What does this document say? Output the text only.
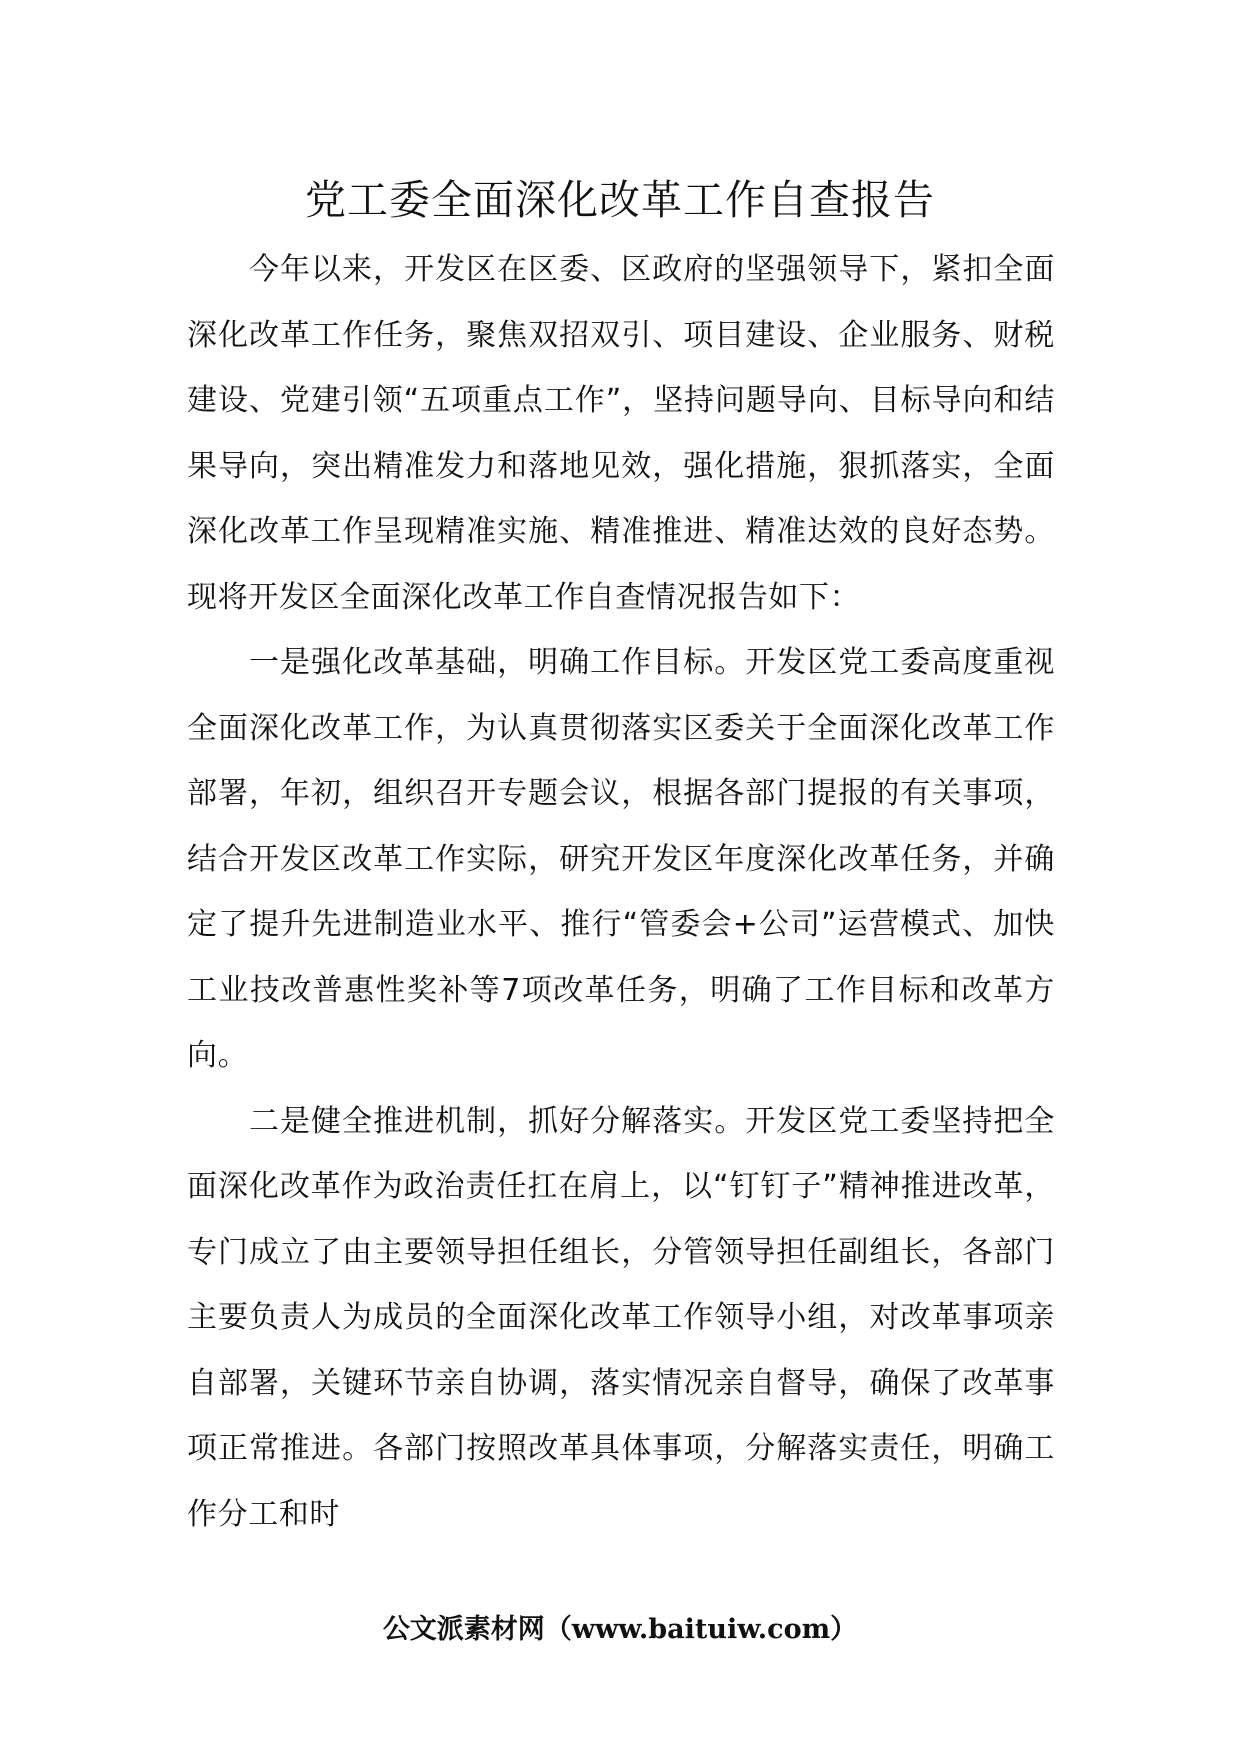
党工委全面深化改革工作自查报告

今年以来，开发区在区委、区政府的坚强领导下，紧扣全面深化改革工作任务，聚焦双招双引、项目建设、企业服务、财税建设、党建引领“五项重点工作”，坚持问题导向、目标导向和结果导向，突出精准发力和落地见效，强化措施，狠抓落实，全面深化改革工作呈现精准实施、精准推进、精准达效的良好态势。现将开发区全面深化改革工作自查情况报告如下：

一是强化改革基础，明确工作目标。开发区党工委高度重视全面深化改革工作，为认真贯彻落实区委关于全面深化改革工作部署，年初，组织召开专题会议，根据各部门提报的有关事项，结合开发区改革工作实际，研究开发区年度深化改革任务，并确定了提升先进制造业水平、推行“管委会+公司”运营模式、加快工业技改普惠性奖补等7项改革任务，明确了工作目标和改革方向。

二是健全推进机制，抓好分解落实。开发区党工委坚持把全面深化改革作为政治责任扛在肩上，以“钉钉子”精神推进改革，专门成立了由主要领导担任组长，分管领导担任副组长，各部门主要负责人为成员的全面深化改革工作领导小组，对改革事项亲自部署，关键环节亲自协调，落实情况亲自督导，确保了改革事项正常推进。各部门按照改革具体事项，分解落实责任，明确工作分工和时

公文派素材网（www.baituiw.com）
